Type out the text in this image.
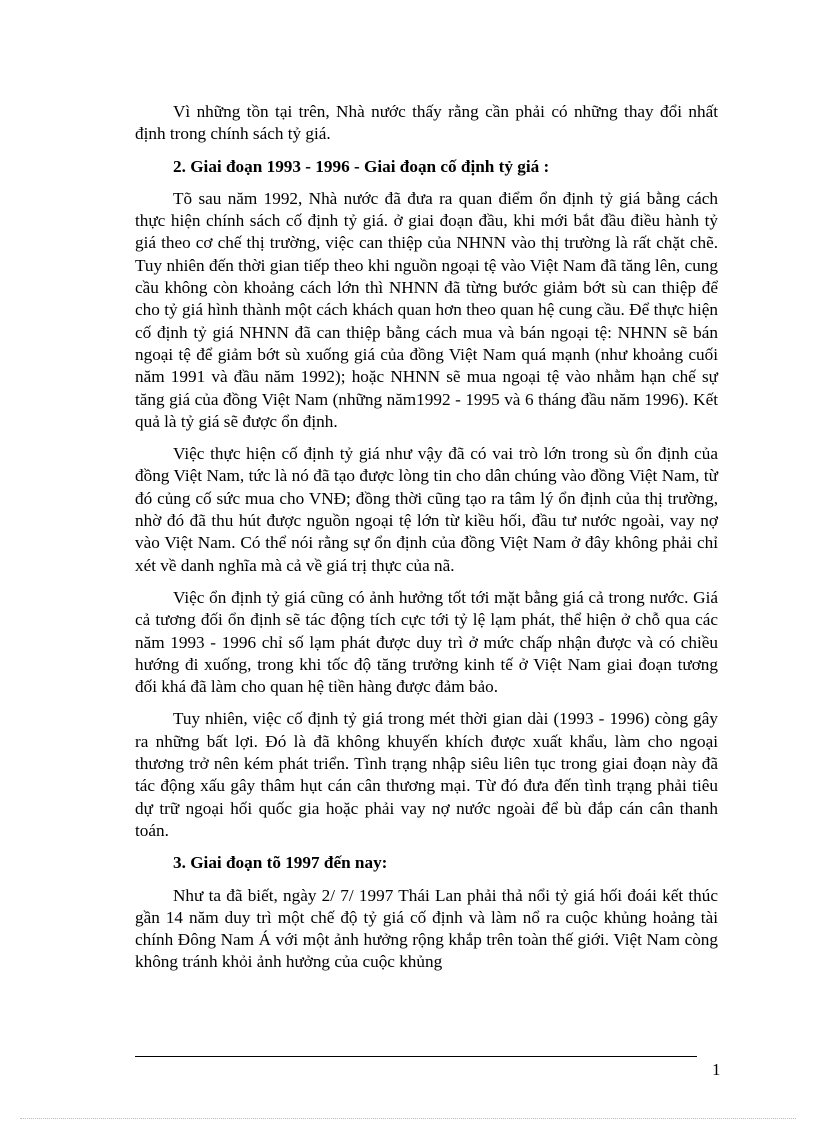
Vì những tồn tại trên, Nhà nước thấy rằng cần phải có những thay đổi nhất định trong chính sách tỷ giá.

2. Giai đoạn 1993 - 1996 - Giai đoạn cố định tỷ giá :

Tõ sau năm 1992, Nhà nước đã đưa ra quan điểm ổn định tỷ giá bằng cách thực hiện chính sách cố định tỷ giá. ở giai đoạn đầu, khi mới bắt đầu điều hành tỷ giá theo cơ chế thị trường, việc can thiệp của NHNN vào thị trường là rất chặt chẽ. Tuy nhiên đến thời gian tiếp theo khi nguồn ngoại tệ vào Việt Nam đã tăng lên, cung cầu không còn khoảng cách lớn thì NHNN đã từng bước giảm bớt sù can thiệp để cho tỷ giá hình thành một cách khách quan hơn theo quan hệ cung cầu. Để thực hiện cố định tỷ giá NHNN đã can thiệp bằng cách mua và bán ngoại tệ: NHNN sẽ bán ngoại tệ để giảm bớt sù xuống giá của đồng Việt Nam quá mạnh (như khoảng cuối năm 1991 và đầu năm 1992); hoặc NHNN sẽ mua ngoại tệ vào nhằm hạn chế sự tăng giá của đồng Việt Nam (những năm1992 - 1995 và 6 tháng đầu năm 1996). Kết quả là tỷ giá sẽ được ổn định.

Việc thực hiện cố định tỷ giá như vậy đã có vai trò lớn trong sù ổn định của đồng Việt Nam, tức là nó đã tạo được lòng tin cho dân chúng vào đồng Việt Nam, từ đó củng cố sức mua cho VNĐ; đồng thời cũng tạo ra tâm lý ổn định của thị trường, nhờ đó đã thu hút được nguồn ngoại tệ lớn từ kiều hối, đầu tư nước ngoài, vay nợ vào Việt Nam. Có thể nói rằng sự ổn định của đồng Việt Nam ở đây không phải chỉ xét về danh nghĩa mà cả về giá trị thực của nã.

Việc ổn định tỷ giá cũng có ảnh hưởng tốt tới mặt bằng giá cả trong nước. Giá cả tương đối ổn định sẽ tác động tích cực tới tỷ lệ lạm phát, thể hiện ở chỗ qua các năm 1993 - 1996 chỉ số lạm phát được duy trì ở mức chấp nhận được và có chiều hướng đi xuống, trong khi tốc độ tăng trưởng kinh tế ở Việt Nam giai đoạn tương đối khá đã làm cho quan hệ tiền hàng được đảm bảo.

Tuy nhiên, việc cố định tỷ giá trong mét thời gian dài (1993 - 1996) còng gây ra những bất lợi. Đó là đã không khuyến khích được xuất khẩu, làm cho ngoại thương trở nên kém phát triển. Tình trạng nhập siêu liên tục trong giai đoạn này đã tác động xấu gây thâm hụt cán cân thương mại. Từ đó đưa đến tình trạng phải tiêu dự trữ ngoại hối quốc gia hoặc phải vay nợ nước ngoài để bù đắp cán cân thanh toán.

3. Giai đoạn tõ 1997 đến nay:

Như ta đã biết, ngày 2/ 7/ 1997 Thái Lan phải thả nổi tỷ giá hối đoái kết thúc gần 14 năm duy trì một chế độ tỷ giá cố định và làm nổ ra cuộc khủng hoảng tài chính Đông Nam Á với một ảnh hưởng rộng khắp trên toàn thế giới. Việt Nam còng không tránh khỏi ảnh hưởng của cuộc khủng

1
